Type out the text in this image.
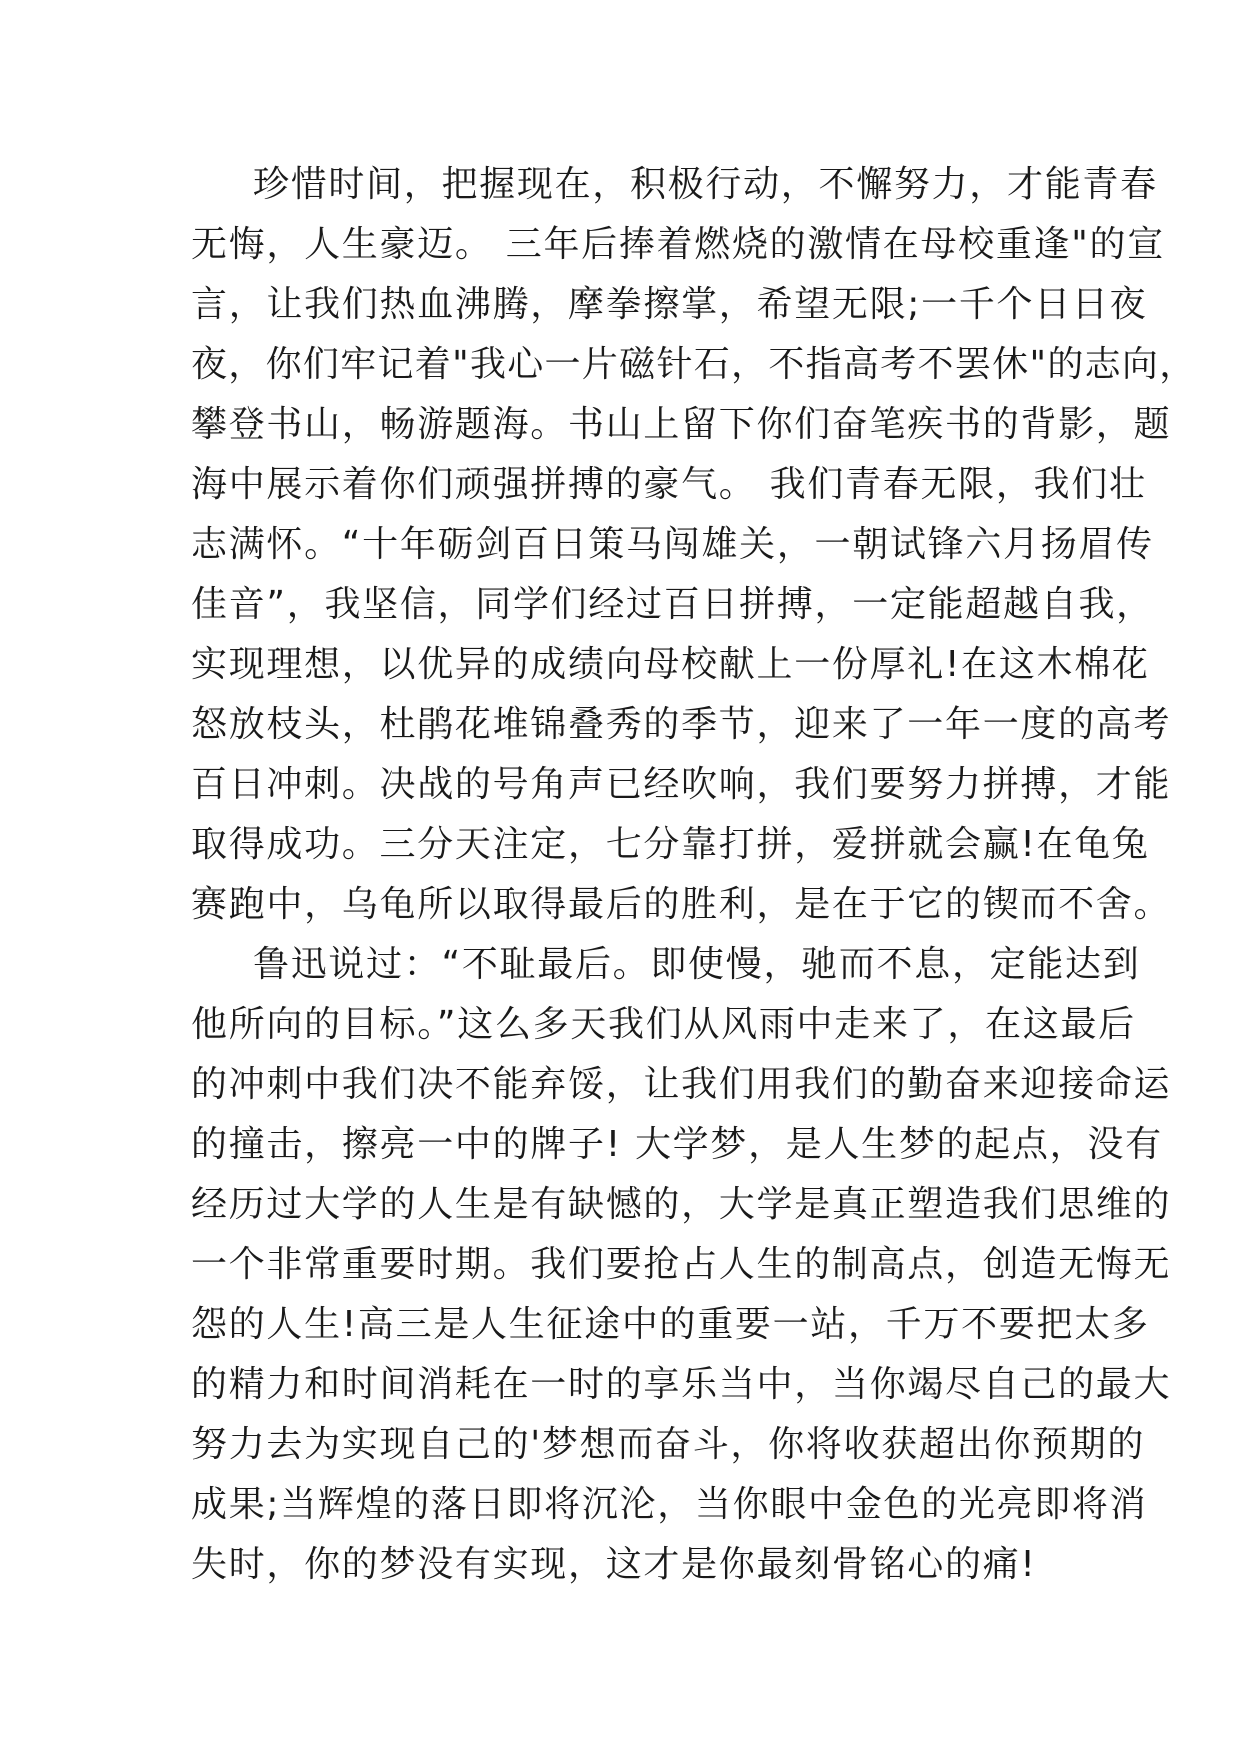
珍惜时间，把握现在，积极行动，不懈努力，才能青春
无悔，人生豪迈。 三年后捧着燃烧的激情在母校重逢"的宣
言，让我们热血沸腾，摩拳擦掌，希望无限;一千个日日夜
夜，你们牢记着"我心一片磁针石，不指高考不罢休"的志向，
攀登书山，畅游题海。书山上留下你们奋笔疾书的背影，题
海中展示着你们顽强拼搏的豪气。 我们青春无限，我们壮
志满怀。“十年砺剑百日策马闯雄关，一朝试锋六月扬眉传
佳音”，我坚信，同学们经过百日拼搏，一定能超越自我，
实现理想，以优异的成绩向母校献上一份厚礼!在这木棉花
怒放枝头，杜鹃花堆锦叠秀的季节，迎来了一年一度的高考
百日冲刺。决战的号角声已经吹响，我们要努力拼搏，才能
取得成功。三分天注定，七分靠打拼，爱拼就会赢!在龟兔
赛跑中，乌龟所以取得最后的胜利，是在于它的锲而不舍。
鲁迅说过：“不耻最后。即使慢，驰而不息，定能达到
他所向的目标。”这么多天我们从风雨中走来了，在这最后
的冲刺中我们决不能弃馁，让我们用我们的勤奋来迎接命运
的撞击，擦亮一中的牌子! 大学梦，是人生梦的起点，没有
经历过大学的人生是有缺憾的，大学是真正塑造我们思维的
一个非常重要时期。我们要抢占人生的制高点，创造无悔无
怨的人生!高三是人生征途中的重要一站，千万不要把太多
的精力和时间消耗在一时的享乐当中，当你竭尽自己的最大
努力去为实现自己的'梦想而奋斗，你将收获超出你预期的
成果;当辉煌的落日即将沉沦，当你眼中金色的光亮即将消
失时，你的梦没有实现，这才是你最刻骨铭心的痛!
